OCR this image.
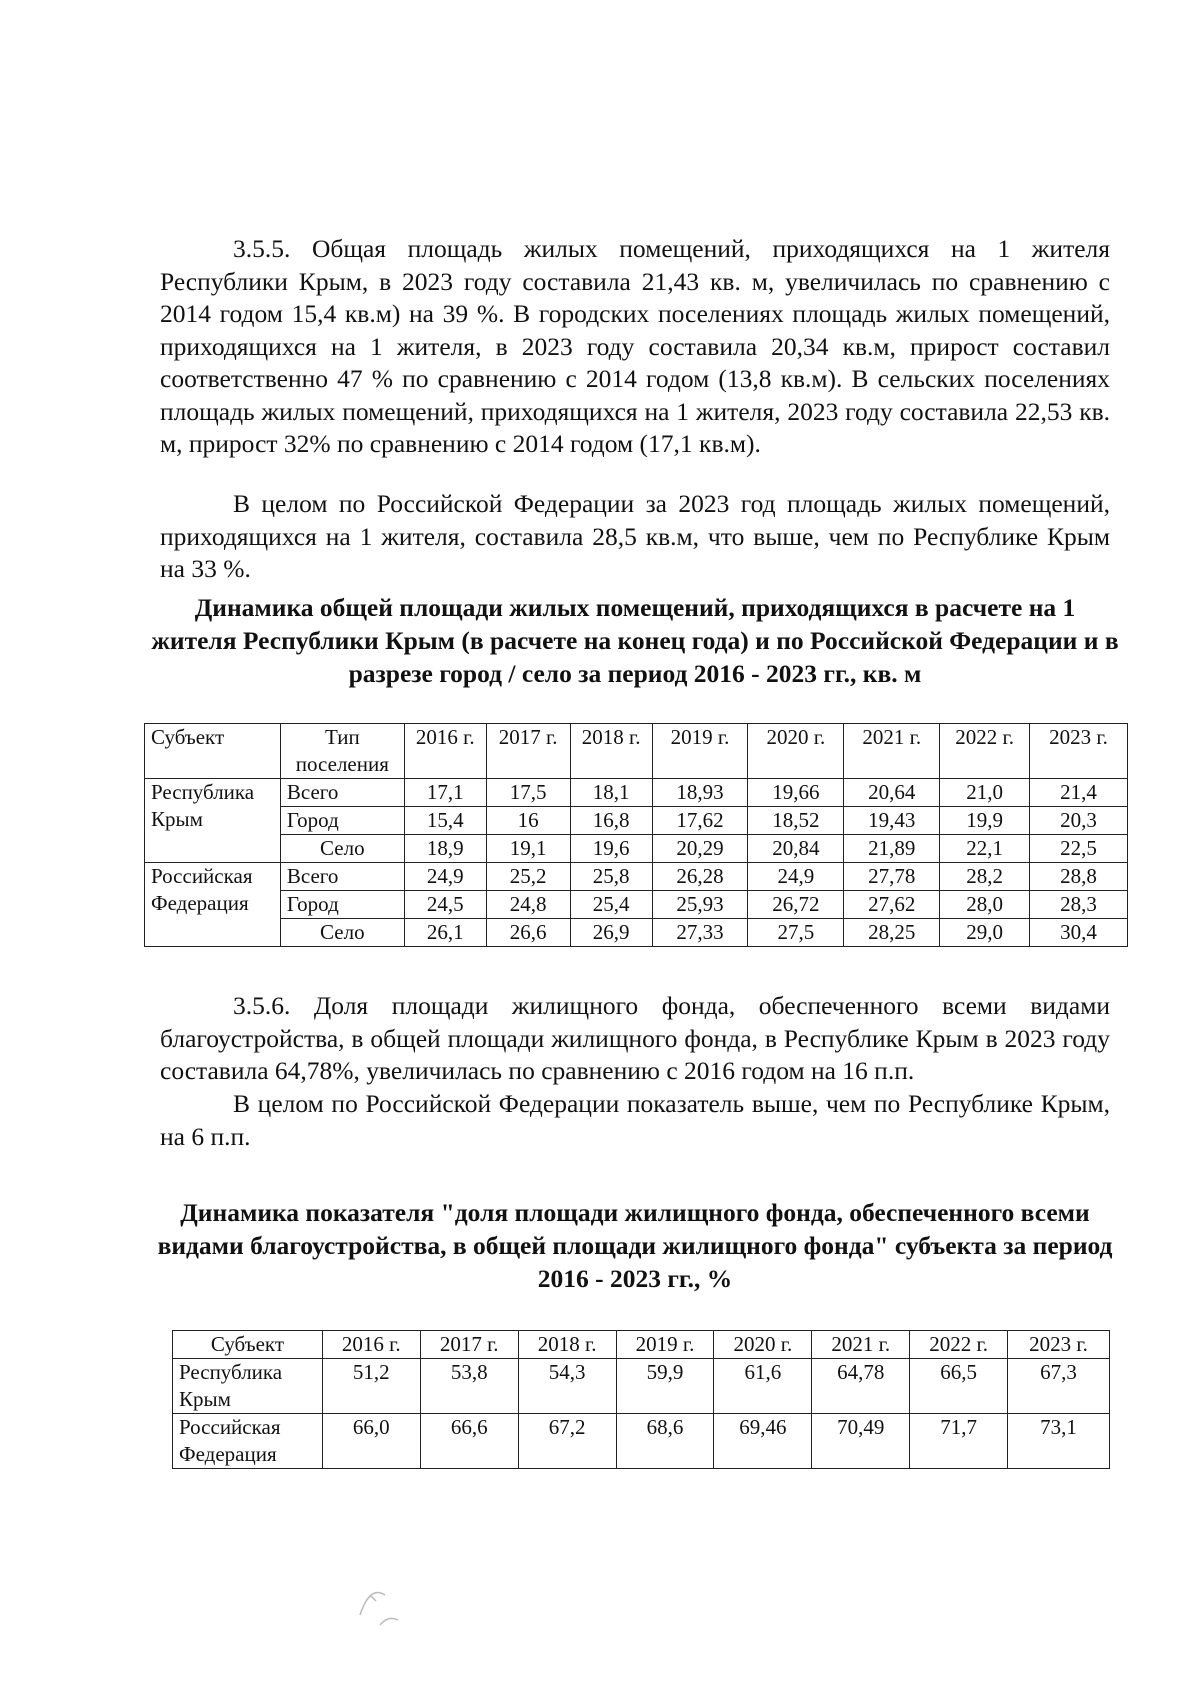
3.5.5. Общая площадь жилых помещений, приходящихся на 1 жителя Республики Крым, в 2023 году составила 21,43 кв. м, увеличилась по сравнению с 2014 годом 15,4 кв.м) на 39 %. В городских поселениях площадь жилых помещений, приходящихся на 1 жителя, в 2023 году составила 20,34 кв.м, прирост составил соответственно 47 % по сравнению с 2014 годом (13,8 кв.м). В сельских поселениях площадь жилых помещений, приходящихся на 1 жителя, 2023 году составила 22,53 кв. м, прирост 32% по сравнению с 2014 годом (17,1 кв.м).

В целом по Российской Федерации за 2023 год площадь жилых помещений, приходящихся на 1 жителя, составила 28,5 кв.м, что выше, чем по Республике Крым на 33 %.

Динамика общей площади жилых помещений, приходящихся в расчете на 1 жителя Республики Крым (в расчете на конец года) и по Российской Федерации и в разрезе город / село за период 2016 - 2023 гг., кв. м

Субъект	Тип поселения	2016 г.	2017 г.	2018 г.	2019 г.	2020 г.	2021 г.	2022 г.	2023 г.
Республика Крым	Всего	17,1	17,5	18,1	18,93	19,66	20,64	21,0	21,4
	Город	15,4	16	16,8	17,62	18,52	19,43	19,9	20,3
	Село	18,9	19,1	19,6	20,29	20,84	21,89	22,1	22,5
Российская Федерация	Всего	24,9	25,2	25,8	26,28	24,9	27,78	28,2	28,8
	Город	24,5	24,8	25,4	25,93	26,72	27,62	28,0	28,3
	Село	26,1	26,6	26,9	27,33	27,5	28,25	29,0	30,4

3.5.6. Доля площади жилищного фонда, обеспеченного всеми видами благоустройства, в общей площади жилищного фонда, в Республике Крым в 2023 году составила 64,78%, увеличилась по сравнению с 2016 годом на 16 п.п.

В целом по Российской Федерации показатель выше, чем по Республике Крым, на 6 п.п.

Динамика показателя "доля площади жилищного фонда, обеспеченного всеми видами благоустройства, в общей площади жилищного фонда" субъекта за период 2016 - 2023 гг., %

Субъект	2016 г.	2017 г.	2018 г.	2019 г.	2020 г.	2021 г.	2022 г.	2023 г.
Республика Крым	51,2	53,8	54,3	59,9	61,6	64,78	66,5	67,3
Российская Федерация	66,0	66,6	67,2	68,6	69,46	70,49	71,7	73,1
